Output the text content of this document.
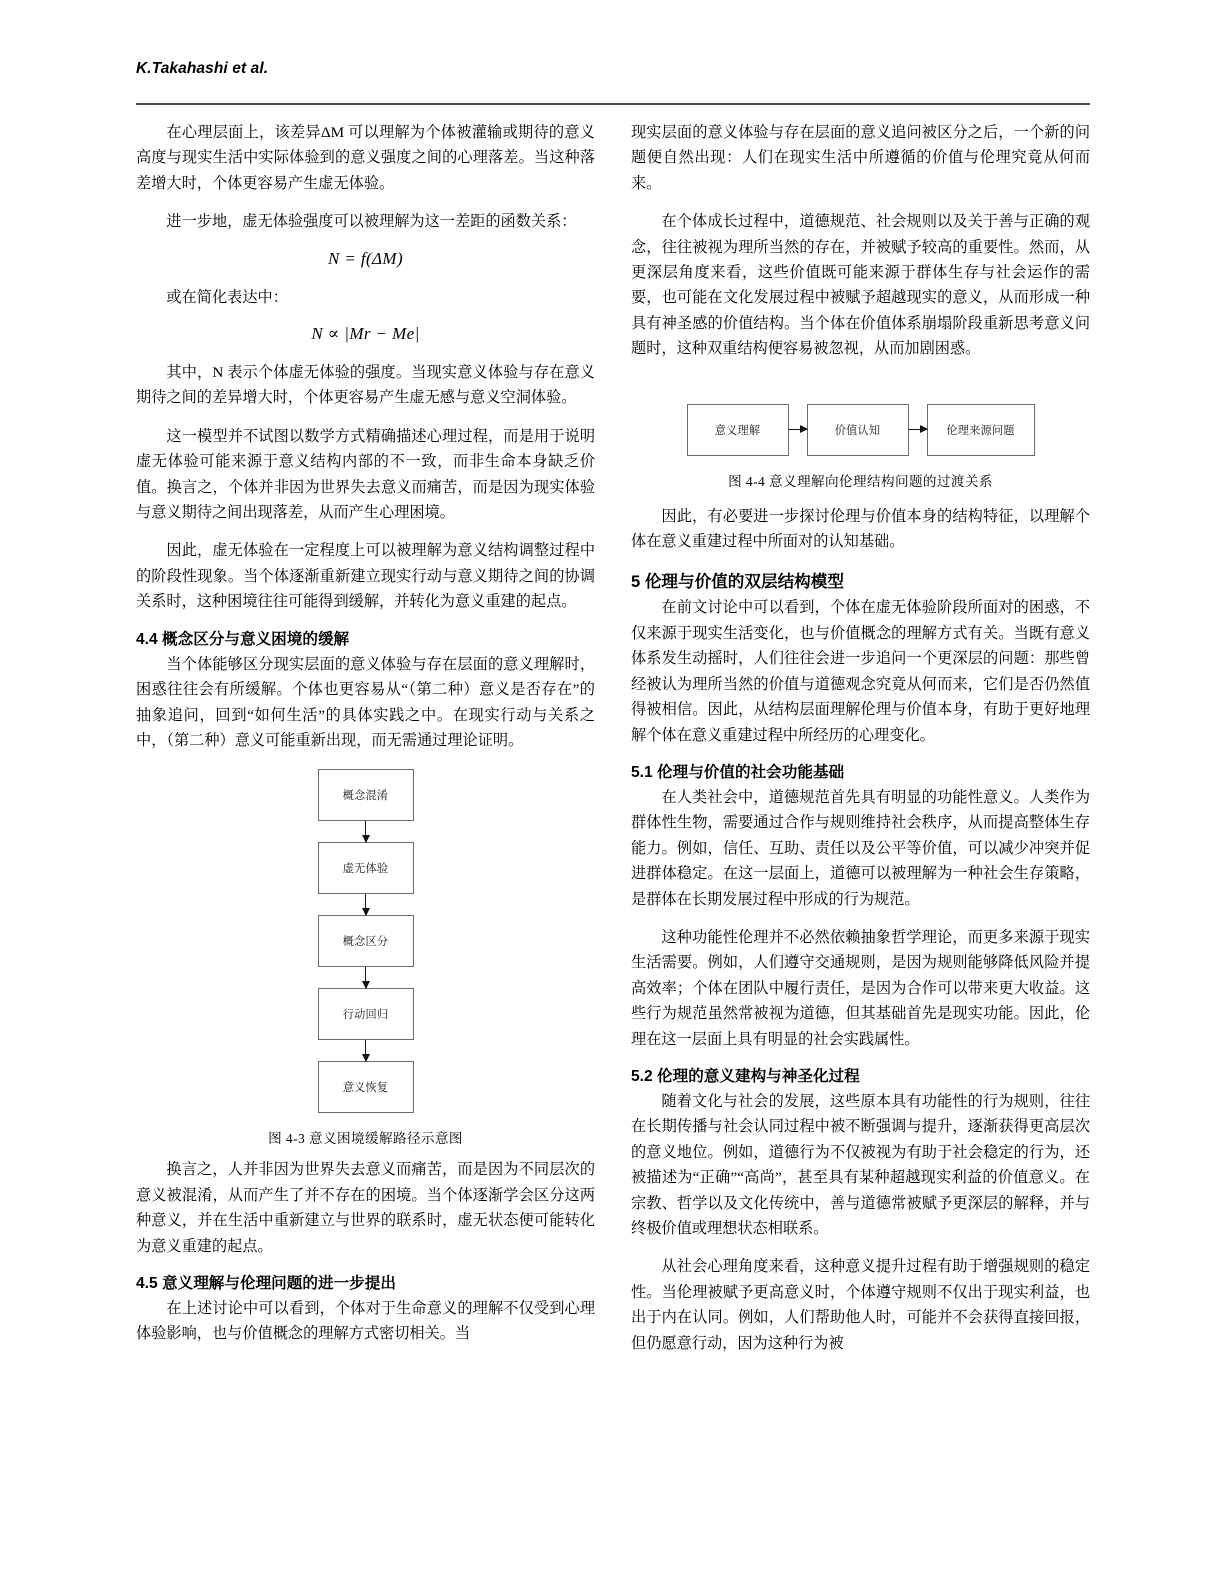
K.Takahashi et al.

在心理层面上，该差异ΔM 可以理解为个体被灌输或期待的意义高度与现实生活中实际体验到的意义强度之间的心理落差。当这种落差增大时，个体更容易产生虚无体验。

进一步地，虚无体验强度可以被理解为这一差距的函数关系：

N = f(ΔM)

或在简化表达中：

N ∝ |Mr − Me|

其中，N 表示个体虚无体验的强度。当现实意义体验与存在意义期待之间的差异增大时，个体更容易产生虚无感与意义空洞体验。

这一模型并不试图以数学方式精确描述心理过程，而是用于说明虚无体验可能来源于意义结构内部的不一致，而非生命本身缺乏价值。换言之，个体并非因为世界失去意义而痛苦，而是因为现实体验与意义期待之间出现落差，从而产生心理困境。

因此，虚无体验在一定程度上可以被理解为意义结构调整过程中的阶段性现象。当个体逐渐重新建立现实行动与意义期待之间的协调关系时，这种困境往往可能得到缓解，并转化为意义重建的起点。

4.4 概念区分与意义困境的缓解

当个体能够区分现实层面的意义体验与存在层面的意义理解时，困惑往往会有所缓解。个体也更容易从“（第二种）意义是否存在”的抽象追问，回到“如何生活”的具体实践之中。在现实行动与关系之中，（第二种）意义可能重新出现，而无需通过理论证明。

概念混淆
虚无体验
概念区分
行动回归
意义恢复
图 4-3 意义困境缓解路径示意图

换言之，人并非因为世界失去意义而痛苦，而是因为不同层次的意义被混淆，从而产生了并不存在的困境。当个体逐渐学会区分这两种意义，并在生活中重新建立与世界的联系时，虚无状态便可能转化为意义重建的起点。

4.5 意义理解与伦理问题的进一步提出

在上述讨论中可以看到，个体对于生命意义的理解不仅受到心理体验影响，也与价值概念的理解方式密切相关。当

现实层面的意义体验与存在层面的意义追问被区分之后，一个新的问题便自然出现：人们在现实生活中所遵循的价值与伦理究竟从何而来。

在个体成长过程中，道德规范、社会规则以及关于善与正确的观念，往往被视为理所当然的存在，并被赋予较高的重要性。然而，从更深层角度来看，这些价值既可能来源于群体生存与社会运作的需要，也可能在文化发展过程中被赋予超越现实的意义，从而形成一种具有神圣感的价值结构。当个体在价值体系崩塌阶段重新思考意义问题时，这种双重结构便容易被忽视，从而加剧困惑。

意义理解	价值认知	伦理来源问题
图 4-4 意义理解向伦理结构问题的过渡关系

因此，有必要进一步探讨伦理与价值本身的结构特征，以理解个体在意义重建过程中所面对的认知基础。

5 伦理与价值的双层结构模型

在前文讨论中可以看到，个体在虚无体验阶段所面对的困惑，不仅来源于现实生活变化，也与价值概念的理解方式有关。当既有意义体系发生动摇时，人们往往会进一步追问一个更深层的问题：那些曾经被认为理所当然的价值与道德观念究竟从何而来，它们是否仍然值得被相信。因此，从结构层面理解伦理与价值本身，有助于更好地理解个体在意义重建过程中所经历的心理变化。

5.1 伦理与价值的社会功能基础

在人类社会中，道德规范首先具有明显的功能性意义。人类作为群体性生物，需要通过合作与规则维持社会秩序，从而提高整体生存能力。例如，信任、互助、责任以及公平等价值，可以减少冲突并促进群体稳定。在这一层面上，道德可以被理解为一种社会生存策略，是群体在长期发展过程中形成的行为规范。

这种功能性伦理并不必然依赖抽象哲学理论，而更多来源于现实生活需要。例如，人们遵守交通规则，是因为规则能够降低风险并提高效率；个体在团队中履行责任，是因为合作可以带来更大收益。这些行为规范虽然常被视为道德，但其基础首先是现实功能。因此，伦理在这一层面上具有明显的社会实践属性。

5.2 伦理的意义建构与神圣化过程

随着文化与社会的发展，这些原本具有功能性的行为规则，往往在长期传播与社会认同过程中被不断强调与提升，逐渐获得更高层次的意义地位。例如，道德行为不仅被视为有助于社会稳定的行为，还被描述为“正确”“高尚”，甚至具有某种超越现实利益的价值意义。在宗教、哲学以及文化传统中，善与道德常被赋予更深层的解释，并与终极价值或理想状态相联系。

从社会心理角度来看，这种意义提升过程有助于增强规则的稳定性。当伦理被赋予更高意义时，个体遵守规则不仅出于现实利益，也出于内在认同。例如，人们帮助他人时，可能并不会获得直接回报，但仍愿意行动，因为这种行为被
